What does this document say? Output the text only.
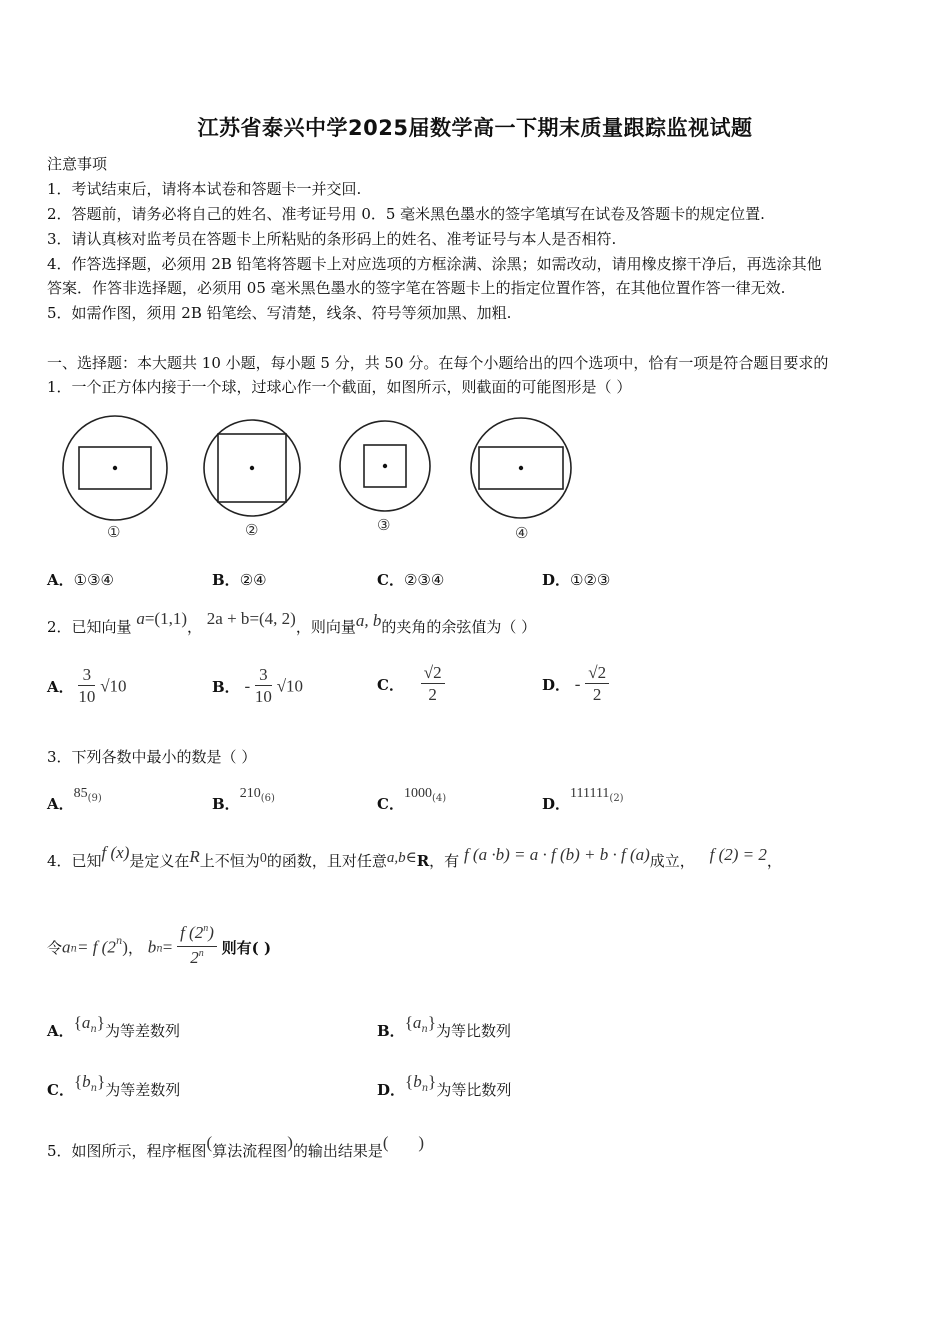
江苏省泰兴中学2025届数学高一下期末质量跟踪监视试题
注意事项
1．考试结束后，请将本试卷和答题卡一并交回.
2．答题前，请务必将自己的姓名、准考证号用 0．5 毫米黑色墨水的签字笔填写在试卷及答题卡的规定位置.
3．请认真核对监考员在答题卡上所粘贴的条形码上的姓名、准考证号与本人是否相符.
4．作答选择题，必须用 2B 铅笔将答题卡上对应选项的方框涂满、涂黑；如需改动，请用橡皮擦干净后，再选涂其他
答案．作答非选择题，必须用 05 毫米黑色墨水的签字笔在答题卡上的指定位置作答，在其他位置作答一律无效.
5．如需作图，须用 2B 铅笔绘、写清楚，线条、符号等须加黑、加粗.
一、选择题：本大题共 10 小题，每小题 5 分，共 50 分。在每个小题给出的四个选项中，恰有一项是符合题目要求的
1．一个正方体内接于一个球，过球心作一个截面，如图所示，则截面的可能图形是（ ）
①	②	③	④
A．①③④	B．②④	C．②③④	D．①②③
2．已知向量 a=(1,1)， 2a + b=(4, 2)，则向量a, b的夹角的余弦值为（ ）
A． $\frac{3}{10} √10$	B． - $\frac{3}{10} √10$	C． $\frac{√2}{2}$	D． - $\frac{√2}{2}$
3．下列各数中最小的数是（ ）
A．85$^{(9)}$	B．210$^{(6)}$	C．1000$^{(4)}$	D．111111$^{(2)}$
4．已知f (x)是定义在R上不恒为0的函数，且对任意a,b∈R，有 f (a ·b) = a · f (b) + b · f (a)成立， f (2) = 2，
令an= f (2$^n$)， $bn= \frac{f (2^n)}{2^n}$ 则有( )
A．$\{a^n\}$为等差数列	B．$\{a^n\}$为等比数列
C．$\{b^n\}$为等差数列	D．$\{b^n\}$为等比数列
5．如图所示，程序框图(算法流程图)的输出结果是(       )
